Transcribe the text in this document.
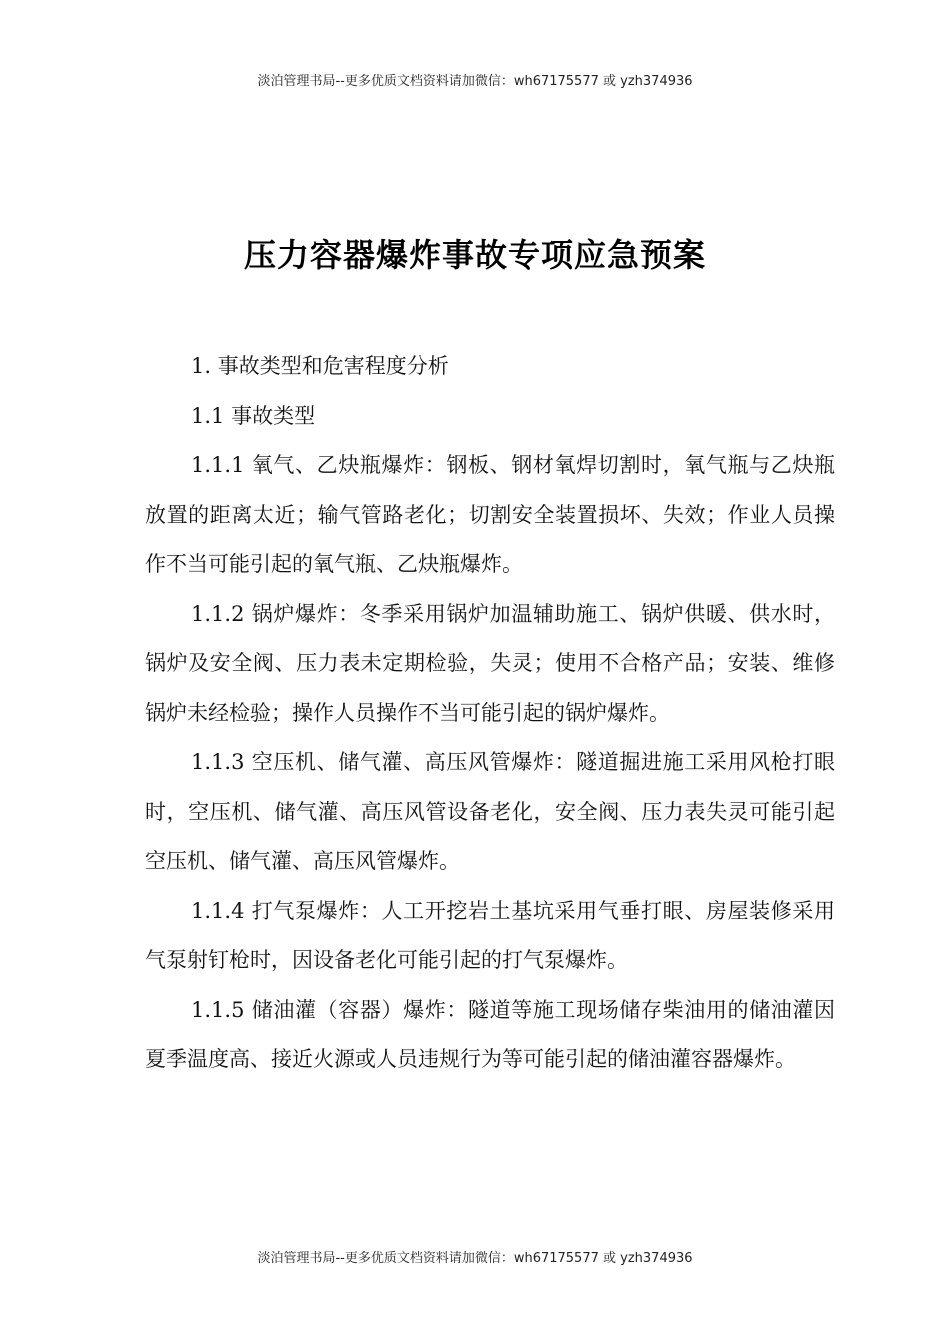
淡泊管理书局--更多优质文档资料请加微信：wh67175577 或 yzh374936
压力容器爆炸事故专项应急预案

1. 事故类型和危害程度分析

1.1 事故类型

1.1.1 氧气、乙炔瓶爆炸：钢板、钢材氧焊切割时，氧气瓶与乙炔瓶放置的距离太近；输气管路老化；切割安全装置损坏、失效；作业人员操作不当可能引起的氧气瓶、乙炔瓶爆炸。

1.1.2 锅炉爆炸：冬季采用锅炉加温辅助施工、锅炉供暖、供水时，锅炉及安全阀、压力表未定期检验，失灵；使用不合格产品；安装、维修锅炉未经检验；操作人员操作不当可能引起的锅炉爆炸。

1.1.3 空压机、储气灌、高压风管爆炸：隧道掘进施工采用风枪打眼时，空压机、储气灌、高压风管设备老化，安全阀、压力表失灵可能引起空压机、储气灌、高压风管爆炸。

1.1.4 打气泵爆炸：人工开挖岩土基坑采用气垂打眼、房屋装修采用气泵射钉枪时，因设备老化可能引起的打气泵爆炸。

1.1.5 储油灌（容器）爆炸：隧道等施工现场储存柴油用的储油灌因夏季温度高、接近火源或人员违规行为等可能引起的储油灌容器爆炸。

淡泊管理书局--更多优质文档资料请加微信：wh67175577 或 yzh374936
